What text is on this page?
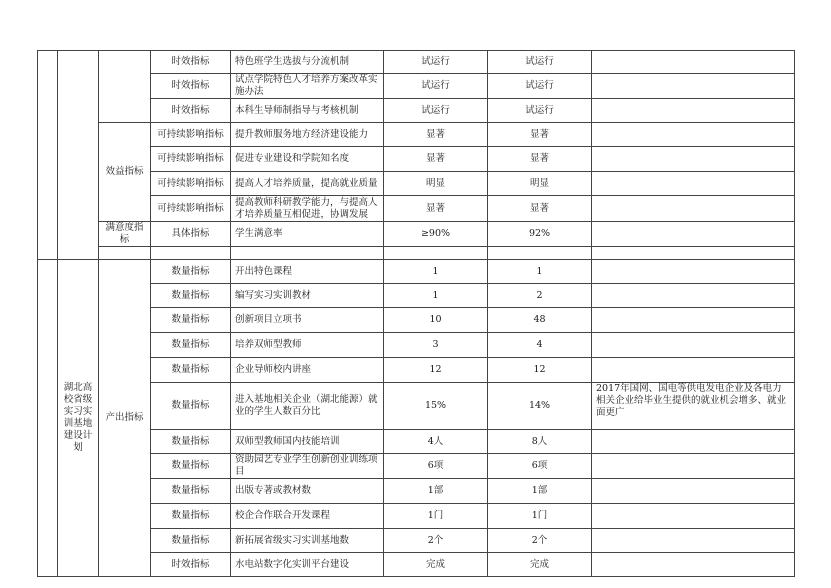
			时效指标	特色班学生选拔与分流机制	试运行	试运行	
			时效指标	试点学院特色人才培养方案改革实施办法	试运行	试运行	
			时效指标	本科生导师制指导与考核机制	试运行	试运行	
		效益指标	可持续影响指标	提升教师服务地方经济建设能力	显著	显著	
			可持续影响指标	促进专业建设和学院知名度	显著	显著	
			可持续影响指标	提高人才培养质量，提高就业质量	明显	明显	
			可持续影响指标	提高教师科研教学能力，与提高人才培养质量互相促进，协调发展	显著	显著	
		满意度指标	具体指标	学生满意率	≥90%	92%	

	湖北高校省级实习实训基地建设计划	产出指标	数量指标	开出特色课程	1	1	
			数量指标	编写实习实训教材	1	2	
			数量指标	创新项目立项书	10	48	
			数量指标	培养双师型教师	3	4	
			数量指标	企业导师校内讲座	12	12	
			数量指标	进入基地相关企业（湖北能源）就业的学生人数百分比	15%	14%	2017年国网、国电等供电发电企业及各电力相关企业给毕业生提供的就业机会增多、就业面更广
			数量指标	双师型教师国内技能培训	4人	8人	
			数量指标	资助园艺专业学生创新创业训练项目	6项	6项	
			数量指标	出版专著或教材数	1部	1部	
			数量指标	校企合作联合开发课程	1门	1门	
			数量指标	新拓展省级实习实训基地数	2个	2个	
			时效指标	水电站数字化实训平台建设	完成	完成	
